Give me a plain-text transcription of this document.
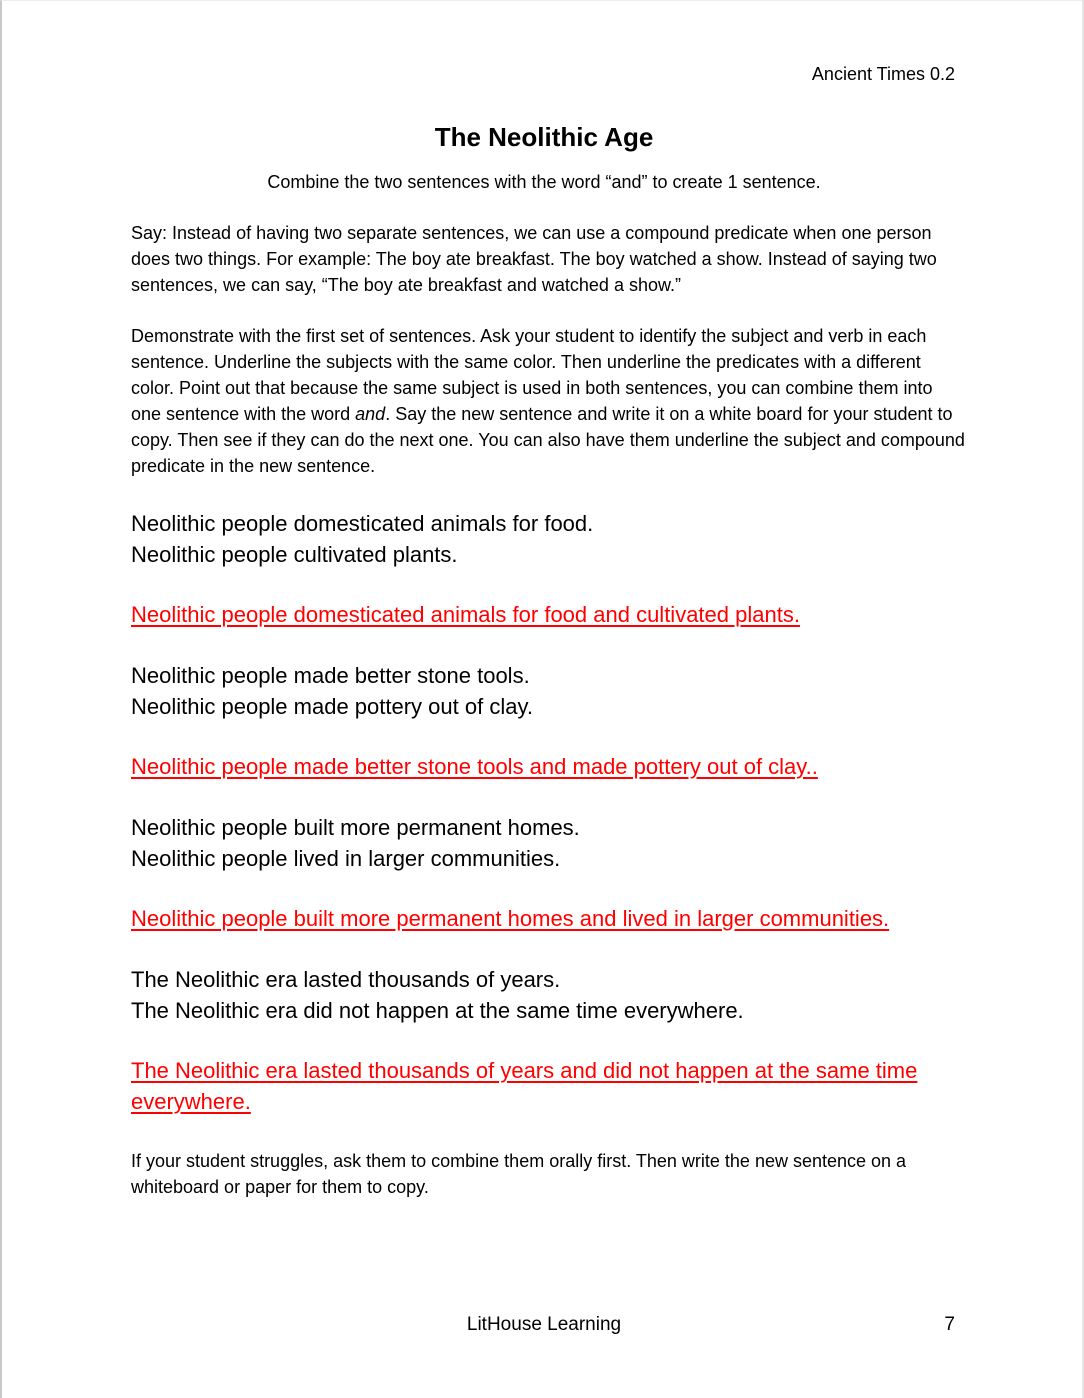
Ancient Times 0.2
The Neolithic Age
Combine the two sentences with the word “and” to create 1 sentence.
Say: Instead of having two separate sentences, we can use a compound predicate when one person does two things. For example: The boy ate breakfast. The boy watched a show. Instead of saying two sentences, we can say, “The boy ate breakfast and watched a show.”
Demonstrate with the first set of sentences. Ask your student to identify the subject and verb in each sentence. Underline the subjects with the same color. Then underline the predicates with a different color. Point out that because the same subject is used in both sentences, you can combine them into one sentence with the word and. Say the new sentence and write it on a white board for your student to copy. Then see if they can do the next one. You can also have them underline the subject and compound predicate in the new sentence.
Neolithic people domesticated animals for food.
Neolithic people cultivated plants.
Neolithic people domesticated animals for food and cultivated plants.
Neolithic people made better stone tools.
Neolithic people made pottery out of clay.
Neolithic people made better stone tools and made pottery out of clay..
Neolithic people built more permanent homes.
Neolithic people lived in larger communities.
Neolithic people built more permanent homes and lived in larger communities.
The Neolithic era lasted thousands of years.
The Neolithic era did not happen at the same time everywhere.
The Neolithic era lasted thousands of years and did not happen at the same time everywhere.
If your student struggles, ask them to combine them orally first. Then write the new sentence on a whiteboard or paper for them to copy.
LitHouse Learning	7
